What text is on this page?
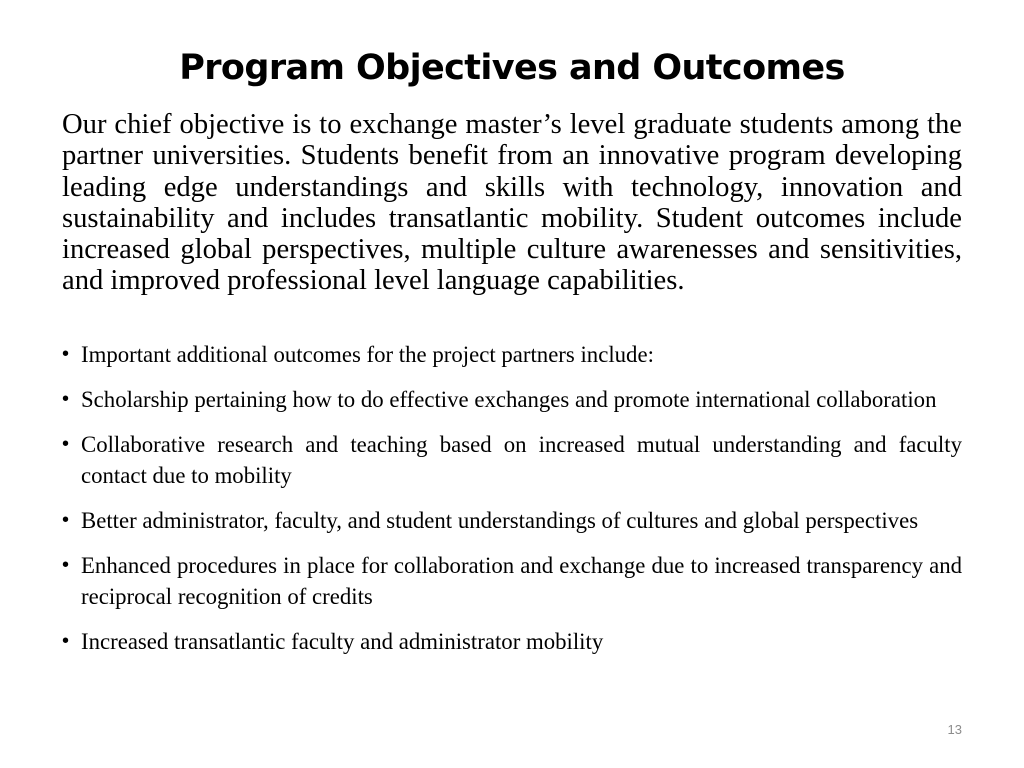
Program Objectives and Outcomes

Our chief objective is to exchange master’s level graduate students among the partner universities. Students benefit from an innovative program developing leading edge understandings and skills with technology, innovation and sustainability and includes transatlantic mobility. Student outcomes include increased global perspectives, multiple culture awarenesses and sensitivities, and improved professional level language capabilities.

• Important additional outcomes for the project partners include:
• Scholarship pertaining how to do effective exchanges and promote international collaboration
• Collaborative research and teaching based on increased mutual understanding and faculty contact due to mobility
• Better administrator, faculty, and student understandings of cultures and global perspectives
• Enhanced procedures in place for collaboration and exchange due to increased transparency and reciprocal recognition of credits
• Increased transatlantic faculty and administrator mobility
13
